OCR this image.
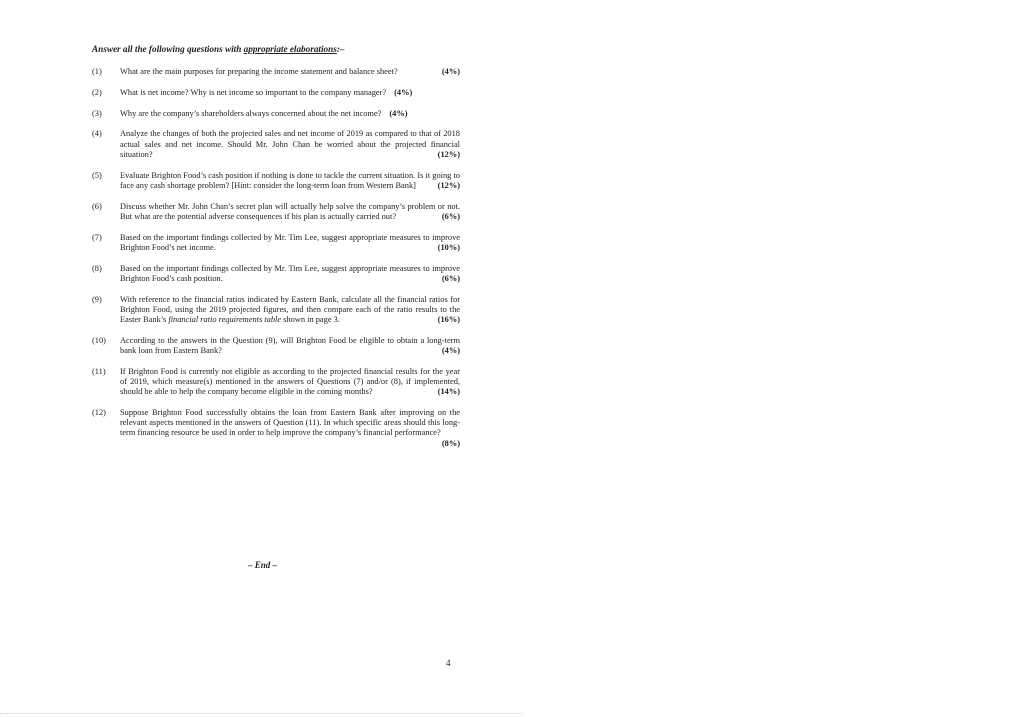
Answer all the following questions with appropriate elaborations:–
(1)	What are the main purposes for preparing the income statement and balance sheet?	(4%)
(2)	What is net income? Why is net income so important to the company manager? (4%)
(3)	Why are the company’s shareholders always concerned about the net income? (4%)
(4)	Analyze the changes of both the projected sales and net income of 2019 as compared to that of 2018 actual sales and net income. Should Mr. John Chan be worried about the projected financial situation?	(12%)
(5)	Evaluate Brighton Food’s cash position if nothing is done to tackle the current situation. Is it going to face any cash shortage problem? [Hint: consider the long-term loan from Western Bank]	(12%)
(6)	Discuss whether Mr. John Chan’s secret plan will actually help solve the company’s problem or not. But what are the potential adverse consequences if his plan is actually carried out?	(6%)
(7)	Based on the important findings collected by Mr. Tim Lee, suggest appropriate measures to improve Brighton Food’s net income.	(10%)
(8)	Based on the important findings collected by Mr. Tim Lee, suggest appropriate measures to improve Brighton Food’s cash position.	(6%)
(9)	With reference to the financial ratios indicated by Eastern Bank, calculate all the financial ratios for Brighton Food, using the 2019 projected figures, and then compare each of the ratio results to the Easter Bank’s financial ratio requirements table shown in page 3.	(16%)
(10)	According to the answers in the Question (9), will Brighton Food be eligible to obtain a long-term bank loan from Eastern Bank?	(4%)
(11)	If Brighton Food is currently not eligible as according to the projected financial results for the year of 2019, which measure(s) mentioned in the answers of Questions (7) and/or (8), if implemented, should be able to help the company become eligible in the coming months?	(14%)
(12)	Suppose Brighton Food successfully obtains the loan from Eastern Bank after improving on the relevant aspects mentioned in the answers of Question (11). In which specific areas should this long-term financing resource be used in order to help improve the company’s financial performance?
(8%)
– End –
4
